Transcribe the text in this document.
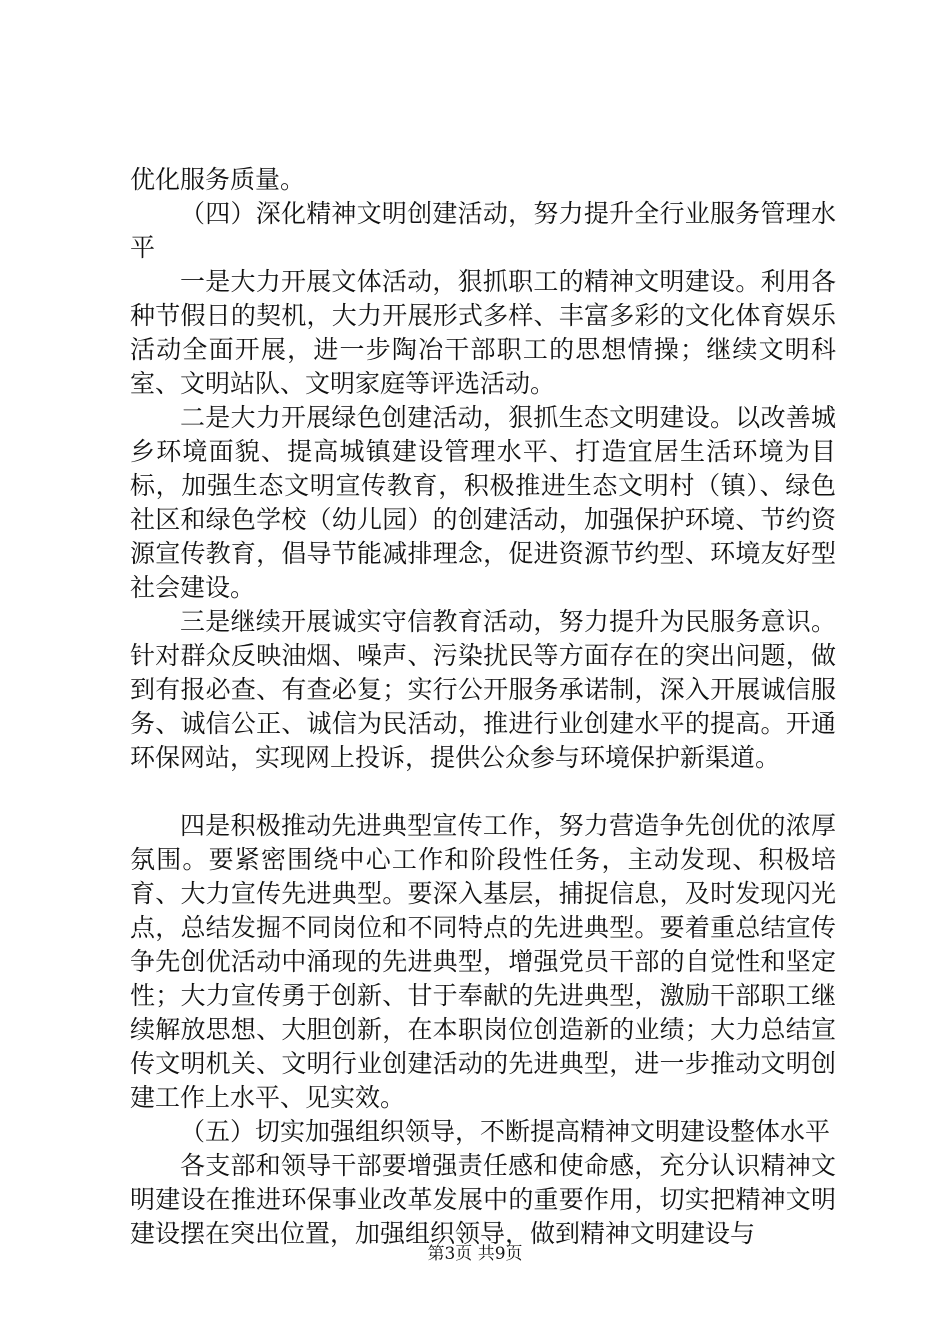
优化服务质量。

（四）深化精神文明创建活动，努力提升全行业服务管理水平

一是大力开展文体活动，狠抓职工的精神文明建设。利用各种节假日的契机，大力开展形式多样、丰富多彩的文化体育娱乐活动全面开展，进一步陶冶干部职工的思想情操；继续文明科室、文明站队、文明家庭等评选活动。

二是大力开展绿色创建活动，狠抓生态文明建设。以改善城乡环境面貌、提高城镇建设管理水平、打造宜居生活环境为目标，加强生态文明宣传教育，积极推进生态文明村（镇）、绿色社区和绿色学校（幼儿园）的创建活动，加强保护环境、节约资源宣传教育，倡导节能减排理念，促进资源节约型、环境友好型社会建设。

三是继续开展诚实守信教育活动，努力提升为民服务意识。针对群众反映油烟、噪声、污染扰民等方面存在的突出问题，做到有报必查、有查必复；实行公开服务承诺制，深入开展诚信服务、诚信公正、诚信为民活动，推进行业创建水平的提高。开通环保网站，实现网上投诉，提供公众参与环境保护新渠道。

四是积极推动先进典型宣传工作，努力营造争先创优的浓厚氛围。要紧密围绕中心工作和阶段性任务，主动发现、积极培育、大力宣传先进典型。要深入基层，捕捉信息，及时发现闪光点，总结发掘不同岗位和不同特点的先进典型。要着重总结宣传争先创优活动中涌现的先进典型，增强党员干部的自觉性和坚定性；大力宣传勇于创新、甘于奉献的先进典型，激励干部职工继续解放思想、大胆创新，在本职岗位创造新的业绩；大力总结宣传文明机关、文明行业创建活动的先进典型，进一步推动文明创建工作上水平、见实效。

（五）切实加强组织领导，不断提高精神文明建设整体水平

各支部和领导干部要增强责任感和使命感，充分认识精神文明建设在推进环保事业改革发展中的重要作用，切实把精神文明建设摆在突出位置，加强组织领导，做到精神文明建设与

第3页 共9页
